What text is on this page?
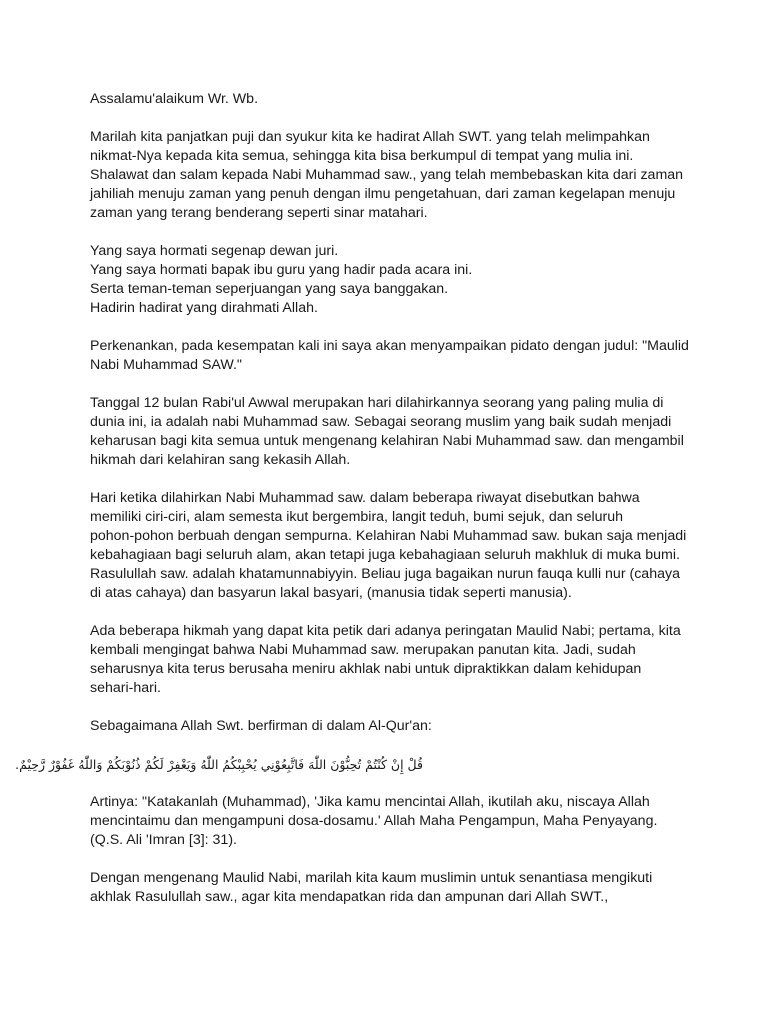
Assalamu'alaikum Wr. Wb.
Marilah kita panjatkan puji dan syukur kita ke hadirat Allah SWT. yang telah melimpahkan
nikmat-Nya kepada kita semua, sehingga kita bisa berkumpul di tempat yang mulia ini.
Shalawat dan salam kepada Nabi Muhammad saw., yang telah membebaskan kita dari zaman
jahiliah menuju zaman yang penuh dengan ilmu pengetahuan, dari zaman kegelapan menuju
zaman yang terang benderang seperti sinar matahari.
Yang saya hormati segenap dewan juri.
Yang saya hormati bapak ibu guru yang hadir pada acara ini.
Serta teman-teman seperjuangan yang saya banggakan.
Hadirin hadirat yang dirahmati Allah.
Perkenankan, pada kesempatan kali ini saya akan menyampaikan pidato dengan judul: "Maulid
Nabi Muhammad SAW."
Tanggal 12 bulan Rabi'ul Awwal merupakan hari dilahirkannya seorang yang paling mulia di
dunia ini, ia adalah nabi Muhammad saw. Sebagai seorang muslim yang baik sudah menjadi
keharusan bagi kita semua untuk mengenang kelahiran Nabi Muhammad saw. dan mengambil
hikmah dari kelahiran sang kekasih Allah.
Hari ketika dilahirkan Nabi Muhammad saw. dalam beberapa riwayat disebutkan bahwa
memiliki ciri-ciri, alam semesta ikut bergembira, langit teduh, bumi sejuk, dan seluruh
pohon-pohon berbuah dengan sempurna. Kelahiran Nabi Muhammad saw. bukan saja menjadi
kebahagiaan bagi seluruh alam, akan tetapi juga kebahagiaan seluruh makhluk di muka bumi.
Rasulullah saw. adalah khatamunnabiyyin. Beliau juga bagaikan nurun fauqa kulli nur (cahaya
di atas cahaya) dan basyarun lakal basyari, (manusia tidak seperti manusia).
Ada beberapa hikmah yang dapat kita petik dari adanya peringatan Maulid Nabi; pertama, kita
kembali mengingat bahwa Nabi Muhammad saw. merupakan panutan kita. Jadi, sudah
seharusnya kita terus berusaha meniru akhlak nabi untuk dipraktikkan dalam kehidupan
sehari-hari.
Sebagaimana Allah Swt. berfirman di dalam Al-Qur'an:
قُلْ إِنْ كُنْتُمْ تُحِبُّوْنَ اللّٰهَ فَاتَّبِعُوْنِي يُحْبِبْكُمُ اللّٰهُ وَيَغْفِرْ لَكُمْ ذُنُوْبَكُمْ وَاللّٰهُ غَفُوْرٌ رَّحِيْمٌ.
Artinya: "Katakanlah (Muhammad), 'Jika kamu mencintai Allah, ikutilah aku, niscaya Allah
mencintaimu dan mengampuni dosa-dosamu.' Allah Maha Pengampun, Maha Penyayang.
(Q.S. Ali 'Imran [3]: 31).
Dengan mengenang Maulid Nabi, marilah kita kaum muslimin untuk senantiasa mengikuti
akhlak Rasulullah saw., agar kita mendapatkan rida dan ampunan dari Allah SWT.,
